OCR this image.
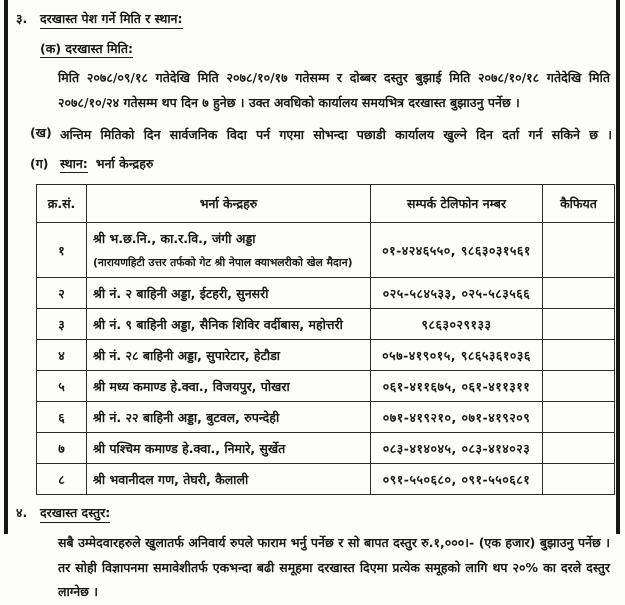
३.	दरखास्त पेश गर्ने मिति र स्थान:
(क) दरखास्त मिति:
मिति २०७८/०९/१८ गतेदेखि मिति २०७८/१०/१७ गतेसम्म र दोब्बर दस्तुर बुझाई मिति २०७८/१०/१८ गतेदेखि मिति २०७८/१०/२४ गतेसम्म थप दिन ७ हुनेछ । उक्त अवधिको कार्यालय समयभित्र दरखास्त बुझाउनु पर्नेछ ।
(ख) अन्तिम मितिको दिन सार्वजनिक विदा पर्न गएमा सोभन्दा पछाडी कार्यालय खुल्ने दिन दर्ता गर्न सकिने छ ।
(ग) स्थान: भर्ना केन्द्रहरु
क्र.सं.	भर्ना केन्द्रहरु	सम्पर्क टेलिफोन नम्बर	कैफियत
१	श्री भ.छ.नि., का.र.वि., जंगी अड्डा
(नारायणहिटी उत्तर तर्फको गेट श्री नेपाल क्याभलरीको खेल मैदान)	०१-४२४६५५०, ९८६३०३१५६१	
२	श्री नं. २ बाहिनी अड्डा, ईटहरी, सुनसरी	०२५-५८४५३३, ०२५-५८३५६६	
३	श्री नं. ९ बाहिनी अड्डा, सैनिक शिविर वर्दीबास, महोत्तरी	९८६३०२९१३३	
४	श्री नं. २८ बाहिनी अड्डा, सुपारेटार, हेटौडा	०५७-४१९०१५, ९८६५३६१०३६	
५	श्री मध्य कमाण्ड हे.क्वा., विजयपुर, पोखरा	०६१-४११६७५, ०६१-४११३११	
६	श्री नं. २२ बाहिनी अड्डा, बुटवल, रुपन्देही	०७१-४१९२१०, ०७१-४१९२०९	
७	श्री पश्चिम कमाण्ड हे.क्वा., निमारे, सुर्खेत	०८३-४१४०४५, ०८३-४१४०२३	
८	श्री भवानीदल गण, तेघरी, कैलाली	०९१-५५०६८०, ०९१-५५०६८१	
४.	दरखास्त दस्तुर:
सबै उम्मेदवारहरुले खुलातर्फ अनिवार्य रुपले फाराम भर्नु पर्नेछ र सो बापत दस्तुर रु.१,०००।- (एक हजार) बुझाउनु पर्नेछ । तर सोही विज्ञापनमा समावेशीतर्फ एकभन्दा बढी समूहमा दरखास्त दिएमा प्रत्येक समूहको लागि थप २०% का दरले दस्तुर लाग्नेछ ।
